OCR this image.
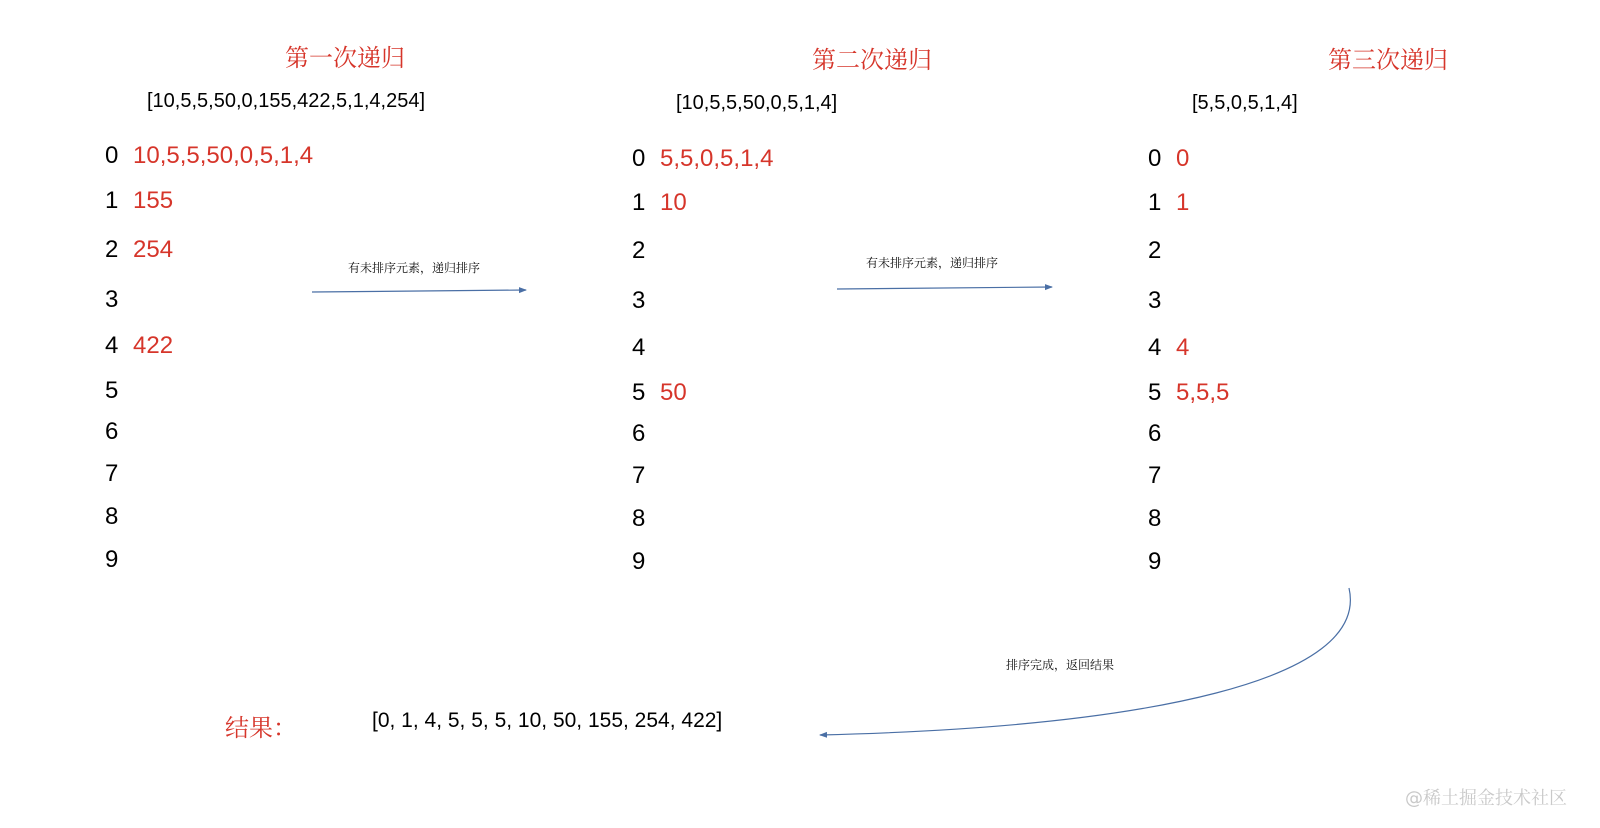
第一次递归
[10,5,5,50,0,155,422,5,1,4,254]
0 10,5,5,50,0,5,1,4
1 155
2 254
3
4 422
5
6
7
8
9
第二次递归
[10,5,5,50,0,5,1,4]
0 5,5,0,5,1,4
1 10
2
3
4
5 50
6
7
8
9
第三次递归
[5,5,0,5,1,4]
0 0
1 1
2
3
4 4
5 5,5,5
6
7
8
9
有未排序元素，递归排序	有未排序元素，递归排序
排序完成，返回结果
结果：	[0, 1, 4, 5, 5, 5, 10, 50, 155, 254, 422]
@稀土掘金技术社区
